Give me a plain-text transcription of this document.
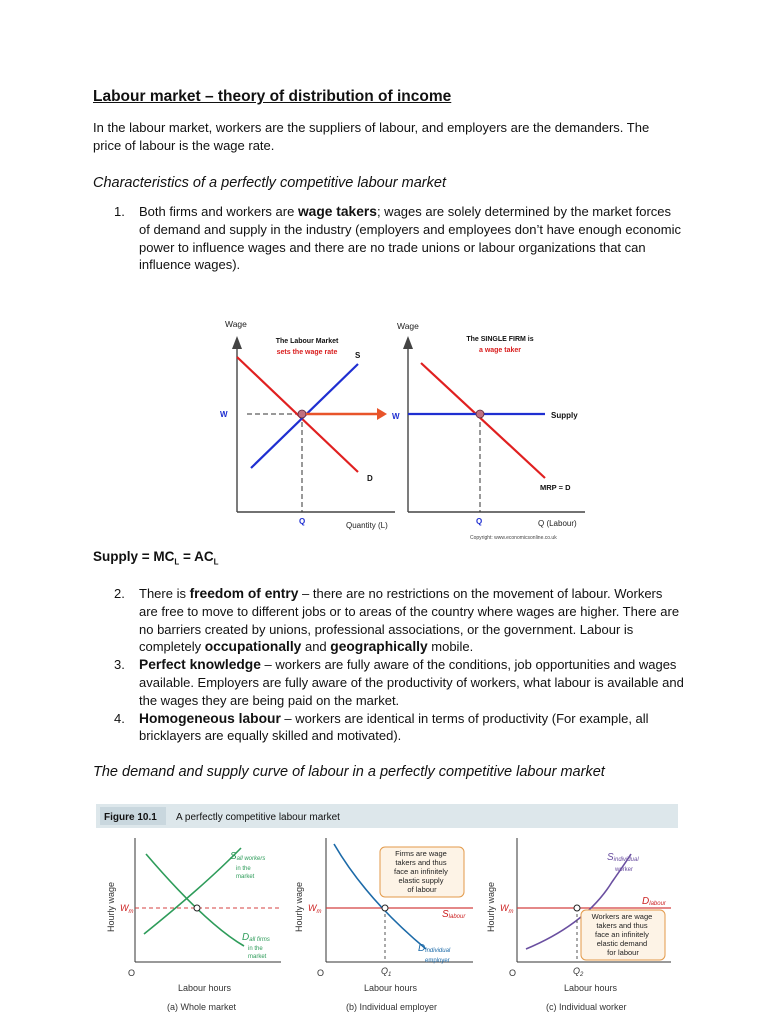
Labour market – theory of distribution of income

In the labour market, workers are the suppliers of labour, and employers are the demanders. The price of labour is the wage rate.

Characteristics of a perfectly competitive labour market

1. Both firms and workers are wage takers; wages are solely determined by the market forces of demand and supply in the industry (employers and employees don’t have enough economic power to influence wages and there are no trade unions or labour organizations that can influence wages).
Wage
The Labour Market
sets the wage rate S
D
W
Q	Quantity (L)
Wage
The SINGLE FIRM is
a wage taker
W	Supply
MRP = D
Q	Q (Labour)
Copyright: www.economicsonline.co.uk

Supply = $MC_L = AC_L$

2. There is freedom of entry – there are no restrictions on the movement of labour. Workers are free to move to different jobs or to areas of the country where wages are higher. There are no barriers created by unions, professional associations, or the government. Labour is completely occupationally and geographically mobile.
3. Perfect knowledge – workers are fully aware of the conditions, job opportunities and wages available. Employers are fully aware of the productivity of workers, what labour is available and the wages they are being paid on the market.
4. Homogeneous labour – workers are identical in terms of productivity (For example, all bricklayers are equally skilled and motivated).

The demand and supply curve of labour in a perfectly competitive labour market

Figure 10.1 A perfectly competitive labour market
Hourly wage
O
$W_m$
Sall workers
in the
market
Dall firms
in the
market
Labour hours
(a) Whole market
Hourly wage
O
$W_m$
$Q_1$
Slabour
Dindividual
employer
Firms are wage takers and thus face an infinitely elastic supply of labour
Labour hours
(b) Individual employer
Hourly wage
O
$W_m$
$Q_2$
Sindividual
worker
Dlabour
Workers are wage takers and thus face an infinitely elastic demand for labour
Labour hours
(c) Individual worker
